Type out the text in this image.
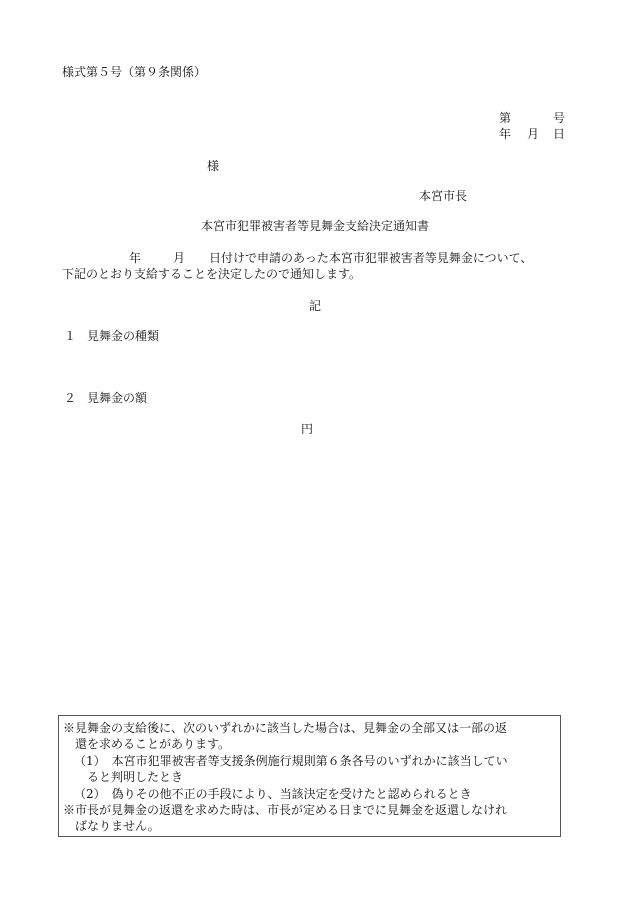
様式第５号（第９条関係）
第	号
年 月 日
様
本宮市長
本宮市犯罪被害者等見舞金支給決定通知書
年	月 日付けで申請のあった本宮市犯罪被害者等見舞金について、
下記のとおり支給することを決定したので通知します。
記
１ 見舞金の種類
２ 見舞金の額
円
※見舞金の支給後に、次のいずれかに該当した場合は、見舞金の全部又は一部の返
還を求めることがあります。
（1）　本宮市犯罪被害者等支援条例施行規則第６条各号のいずれかに該当してい
ると判明したとき
（2）　偽りその他不正の手段により、当該決定を受けたと認められるとき
※市長が見舞金の返還を求めた時は、市長が定める日までに見舞金を返還しなけれ
ばなりません。
